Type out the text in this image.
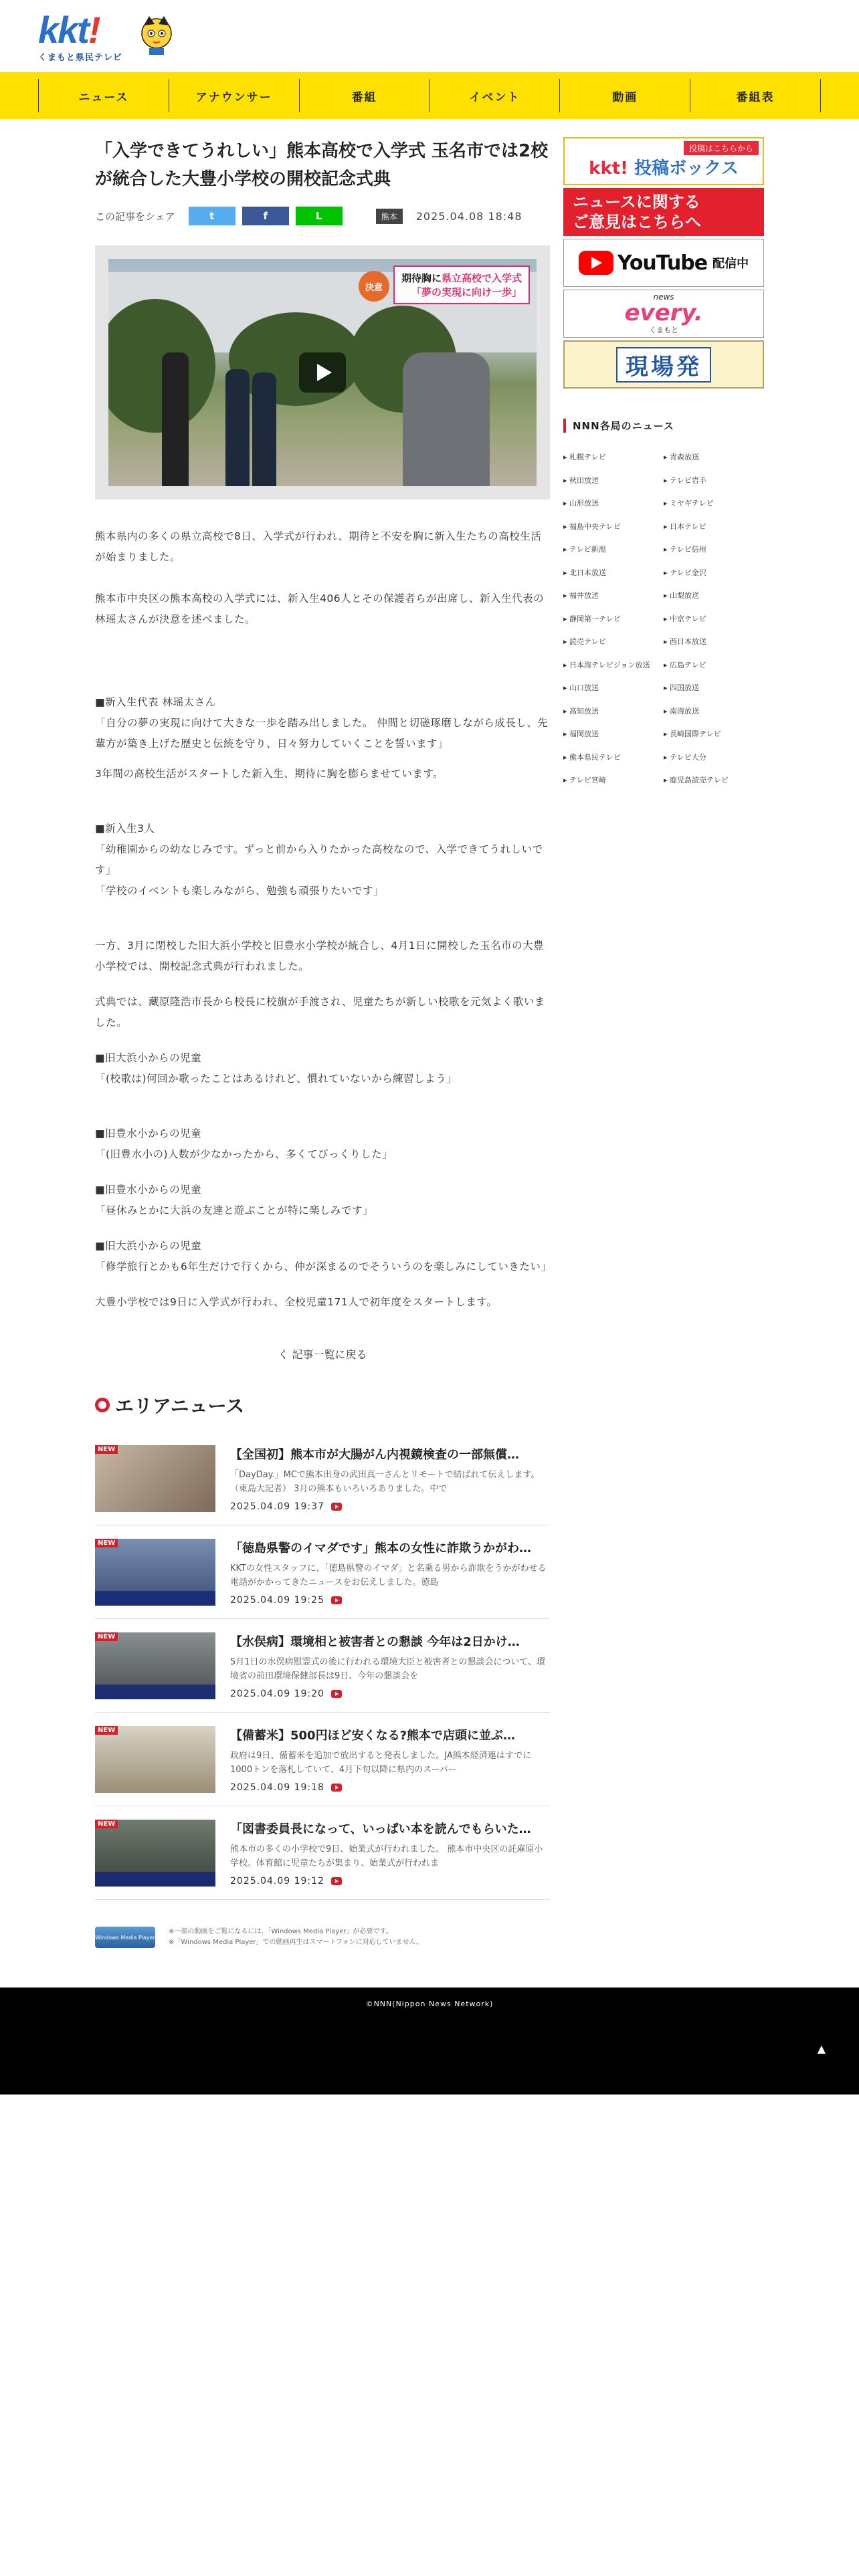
kkt!
くまもと県民テレビ
ニュース	アナウンサー	番組	イベント	動画	番組表
「入学できてうれしい」熊本高校で入学式 玉名市では2校が統合した大豊小学校の開校記念式典
この記事をシェア	t	f	L	熊本	2025.04.08 18:48
決意
期待胸に県立高校で入学式
「夢の実現に向け一歩」

熊本県内の多くの県立高校で8日、入学式が行われ、期待と不安を胸に新入生たちの高校生活が始まりました。

熊本市中央区の熊本高校の入学式には、新入生406人とその保護者らが出席し、新入生代表の林瑶太さんが決意を述べました。

■新入生代表 林瑶太さん
「自分の夢の実現に向けて大きな一歩を踏み出しました。 仲間と切磋琢磨しながら成長し、先輩方が築き上げた歴史と伝統を守り、日々努力していくことを誓います」

3年間の高校生活がスタートした新入生、期待に胸を膨らませています。

■新入生3人
「幼稚園からの幼なじみです。ずっと前から入りたかった高校なので、入学できてうれしいです」
「学校のイベントも楽しみながら、勉強も頑張りたいです」

一方、3月に閉校した旧大浜小学校と旧豊水小学校が統合し、4月1日に開校した玉名市の大豊小学校では、開校記念式典が行われました。

式典では、藏原隆浩市長から校長に校旗が手渡され、児童たちが新しい校歌を元気よく歌いました。

■旧大浜小からの児童
「(校歌は)何回か歌ったことはあるけれど、慣れていないから練習しよう」

■旧豊水小からの児童
「(旧豊水小の)人数が少なかったから、多くてびっくりした」

■旧豊水小からの児童
「昼休みとかに大浜の友達と遊ぶことが特に楽しみです」

■旧大浜小からの児童
「修学旅行とかも6年生だけで行くから、仲が深まるのでそういうのを楽しみにしていきたい」

大豊小学校では9日に入学式が行われ、全校児童171人で初年度をスタートします。

く 記事一覧に戻る
エリアニュース
NEW	【全国初】熊本市が大腸がん内視鏡検査の一部無償…
「DayDay.」MCで熊本出身の武田真一さんとリモートで結ばれて伝えします。（東島大記者） 3月の熊本もいろいろありました。中で
2025.04.09 19:37
NEW	「徳島県警のイマダです」熊本の女性に詐欺うかがわ…
KKTの女性スタッフに、「徳島県警のイマダ」と名乗る男から詐欺をうかがわせる電話がかかってきたニュースをお伝えしました。徳島
2025.04.09 19:25
NEW	【水俣病】環境相と被害者との懇談 今年は2日かけ…
5月1日の水俣病慰霊式の後に行われる環境大臣と被害者との懇談会について、環境省の前田環境保健部長は9日、今年の懇談会を
2025.04.09 19:20
NEW	【備蓄米】500円ほど安くなる?熊本で店頭に並ぶ…
政府は9日、備蓄米を追加で放出すると発表しました。JA熊本経済連はすでに1000トンを落札していて、4月下旬以降に県内のスーパー
2025.04.09 19:18
NEW	「図書委員長になって、いっぱい本を読んでもらいた…
熊本市の多くの小学校で9日、始業式が行われました。 熊本市中央区の託麻原小学校。体育館に児童たちが集まり、始業式が行われま
2025.04.09 19:12
Windows Media Player
※一部の動画をご覧になるには、「Windows Media Player」が必要です。
※「Windows Media Player」での動画再生はスマートフォンに対応していません。
投稿はこちらから
kkt! 投稿ボックス
ニュースに関する
ご意見はこちらへ
YouTube 配信中
news
every.
くまもと
現場発
NNN各局のニュース
▸ 札幌テレビ	▸ 青森放送
▸ 秋田放送	▸ テレビ岩手
▸ 山形放送	▸ ミヤギテレビ
▸ 福島中央テレビ	▸ 日本テレビ
▸ テレビ新潟	▸ テレビ信州
▸ 北日本放送	▸ テレビ金沢
▸ 福井放送	▸ 山梨放送
▸ 静岡第一テレビ	▸ 中京テレビ
▸ 読売テレビ	▸ 西日本放送
▸ 日本海テレビジョン放送	▸ 広島テレビ
▸ 山口放送	▸ 四国放送
▸ 高知放送	▸ 南海放送
▸ 福岡放送	▸ 長崎国際テレビ
▸ 熊本県民テレビ	▸ テレビ大分
▸ テレビ宮崎	▸ 鹿児島読売テレビ
©NNN(Nippon News Network)
▲
